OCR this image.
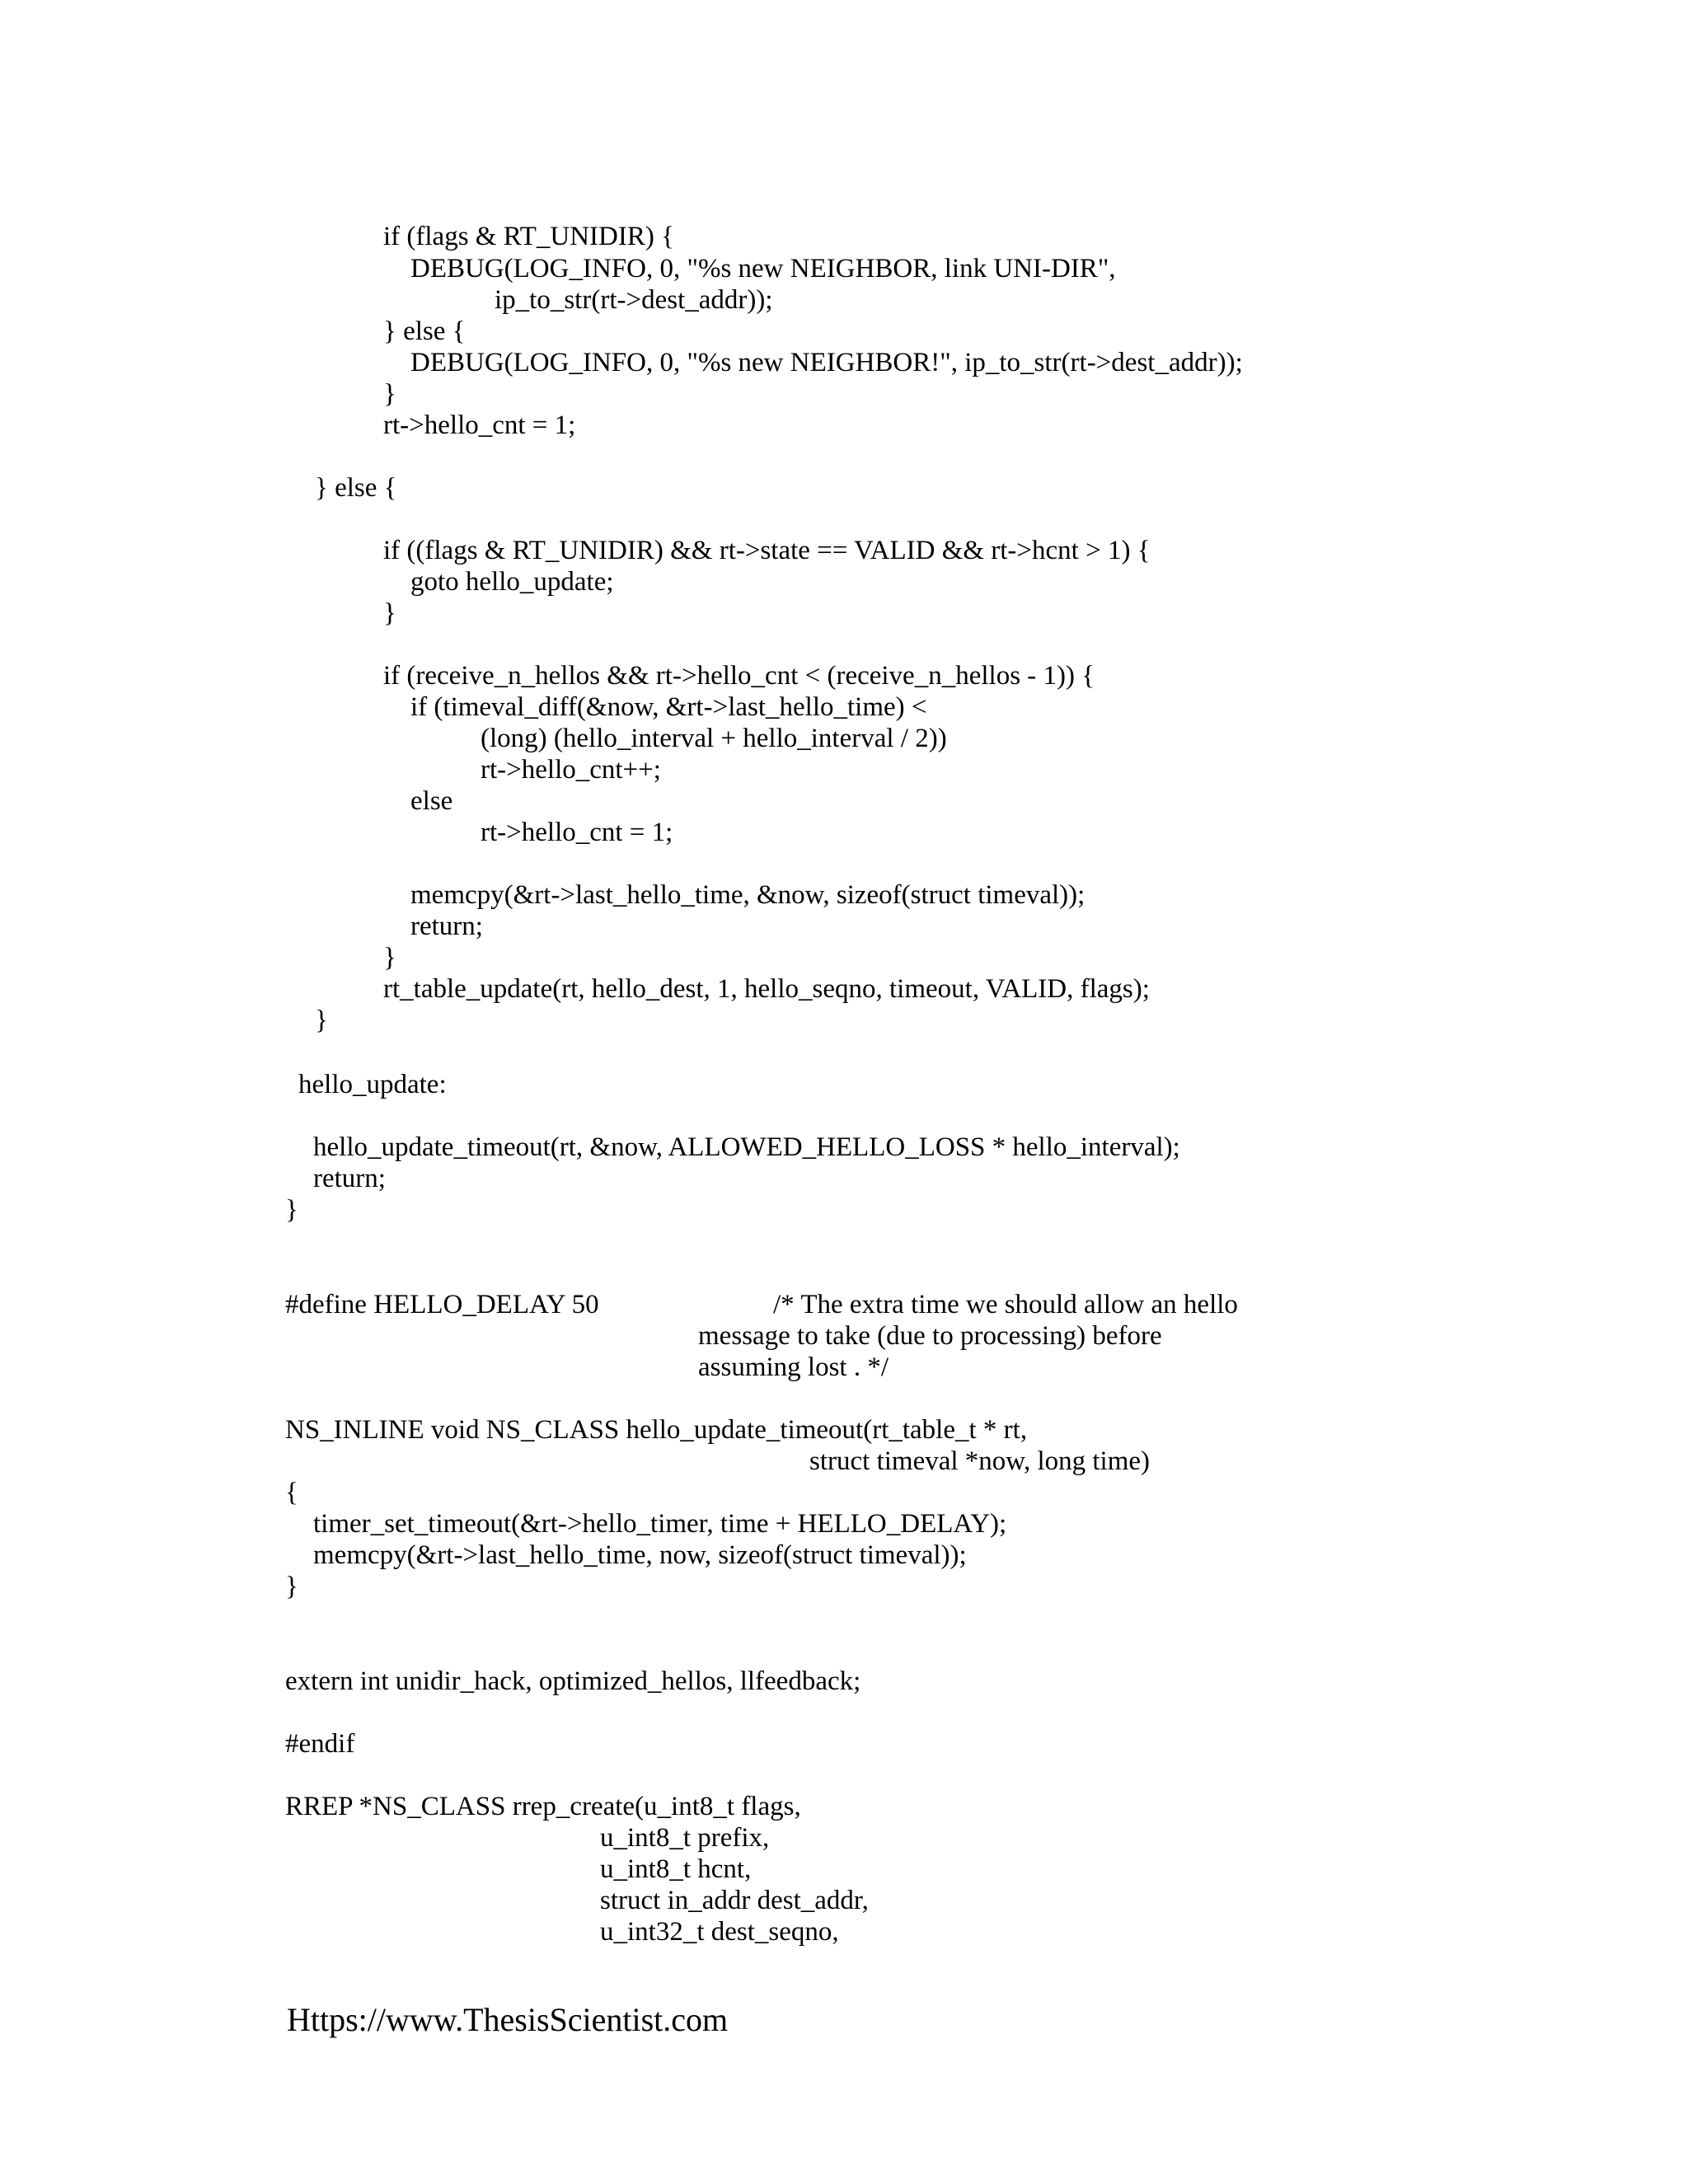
if (flags & RT_UNIDIR) {

DEBUG(LOG_INFO, 0, "%s new NEIGHBOR, link UNI-DIR",

ip_to_str(rt->dest_addr));

} else {

DEBUG(LOG_INFO, 0, "%s new NEIGHBOR!", ip_to_str(rt->dest_addr));

}

rt->hello_cnt = 1;

} else {

if ((flags & RT_UNIDIR) && rt->state == VALID && rt->hcnt > 1) {

goto hello_update;

}

if (receive_n_hellos && rt->hello_cnt < (receive_n_hellos - 1)) {

if (timeval_diff(&now, &rt->last_hello_time) <

(long) (hello_interval + hello_interval / 2))

rt->hello_cnt++;

else

rt->hello_cnt = 1;

memcpy(&rt->last_hello_time, &now, sizeof(struct timeval));

return;

}

rt_table_update(rt, hello_dest, 1, hello_seqno, timeout, VALID, flags);

}

hello_update:

hello_update_timeout(rt, &now, ALLOWED_HELLO_LOSS * hello_interval);

return;

}

#define HELLO_DELAY 50	/* The extra time we should allow an hello

message to take (due to processing) before

assuming lost . */

NS_INLINE void NS_CLASS hello_update_timeout(rt_table_t * rt,

struct timeval *now, long time)

{

timer_set_timeout(&rt->hello_timer, time + HELLO_DELAY);

memcpy(&rt->last_hello_time, now, sizeof(struct timeval));

}

extern int unidir_hack, optimized_hellos, llfeedback;

#endif

RREP *NS_CLASS rrep_create(u_int8_t flags,

u_int8_t prefix,

u_int8_t hcnt,

struct in_addr dest_addr,

u_int32_t dest_seqno,

Https://www.ThesisScientist.com
